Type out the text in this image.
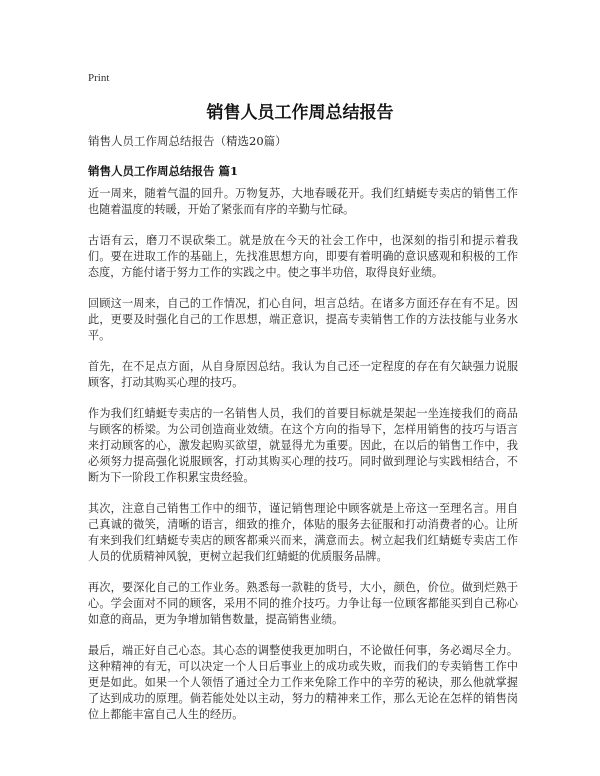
Print
销售人员工作周总结报告

销售人员工作周总结报告（精选20篇）

销售人员工作周总结报告 篇1

近一周来，随着气温的回升。万物复苏，大地春暖花开。我们红蜻蜓专卖店的销售工作也随着温度的转暖，开始了紧张而有序的辛勤与忙碌。

古语有云，磨刀不误砍柴工。就是放在今天的社会工作中，也深刻的指引和提示着我们。要在进取工作的基础上，先找准思想方向，即要有着明确的意识感观和积极的工作态度，方能付诸于努力工作的实践之中。使之事半功倍，取得良好业绩。

回顾这一周来，自己的工作情况，扪心自问，坦言总结。在诸多方面还存在有不足。因此，更要及时强化自己的工作思想，端正意识，提高专卖销售工作的方法技能与业务水平。

首先，在不足点方面，从自身原因总结。我认为自己还一定程度的存在有欠缺强力说服顾客，打动其购买心理的技巧。

作为我们红蜻蜓专卖店的一名销售人员，我们的首要目标就是架起一坐连接我们的商品与顾客的桥梁。为公司创造商业效绩。在这个方向的指导下，怎样用销售的技巧与语言来打动顾客的心，激发起购买欲望，就显得尤为重要。因此，在以后的销售工作中，我必须努力提高强化说服顾客，打动其购买心理的技巧。同时做到理论与实践相结合，不断为下一阶段工作积累宝贵经验。

其次，注意自己销售工作中的细节，谨记销售理论中顾客就是上帝这一至理名言。用自己真诚的微笑，清晰的语言，细致的推介，体贴的服务去征服和打动消费者的心。让所有来到我们红蜻蜓专卖店的顾客都乘兴而来，满意而去。树立起我们红蜻蜓专卖店工作人员的优质精神风貌，更树立起我们红蜻蜓的优质服务品牌。

再次，要深化自己的工作业务。熟悉每一款鞋的货号，大小，颜色，价位。做到烂熟于心。学会面对不同的顾客，采用不同的推介技巧。力争让每一位顾客都能买到自己称心如意的商品，更为争增加销售数量，提高销售业绩。

最后，端正好自己心态。其心态的调整使我更加明白，不论做任何事，务必竭尽全力。这种精神的有无，可以决定一个人日后事业上的成功或失败，而我们的专卖销售工作中更是如此。如果一个人领悟了通过全力工作来免除工作中的辛劳的秘诀，那么他就掌握了达到成功的原理。倘若能处处以主动，努力的精神来工作，那么无论在怎样的销售岗位上都能丰富自己人生的经历。
